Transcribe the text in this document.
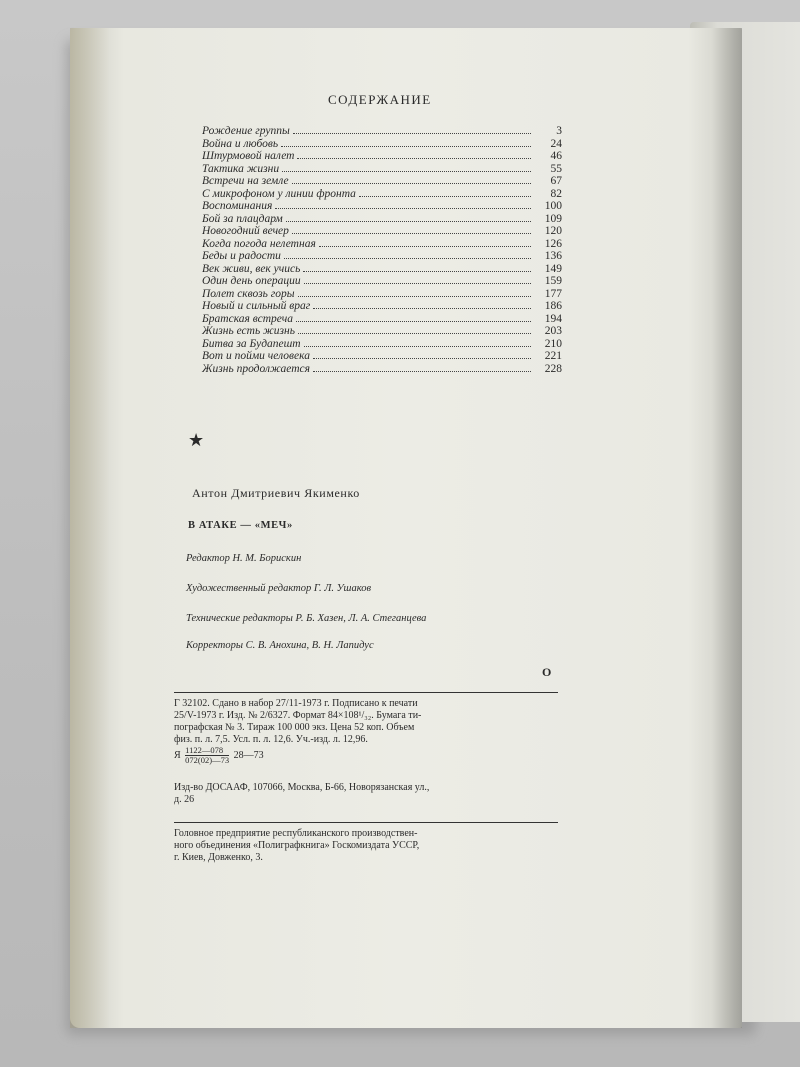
СОДЕРЖАНИЕ
Рождение группы	3
Война и любовь	24
Штурмовой налет	46
Тактика жизни	55
Встречи на земле	67
С микрофоном у линии фронта	82
Воспоминания	100
Бой за плацдарм	109
Новогодний вечер	120
Когда погода нелетная	126
Беды и радости	136
Век живи, век учись	149
Один день операции	159
Полет сквозь горы	177
Новый и сильный враг	186
Братская встреча	194
Жизнь есть жизнь	203
Битва за Будапешт	210
Вот и пойми человека	221
Жизнь продолжается	228
★
Антон Дмитриевич Якименко
В АТАКЕ — «МЕЧ»
Редактор Н. М. Борискин
Художественный редактор Г. Л. Ушаков
Технические редакторы Р. Б. Хазен, Л. А. Стеганцева
Корректоры С. В. Анохина, В. Н. Лапидус
О

Г 32102. Сдано в набор 27/11-1973 г. Подписано к печати

25/V-1973 г. Изд. № 2/6327. Формат 84×108¹/₃₂. Бумага ти-

пографская № 3. Тираж 100 000 экз. Цена 52 коп. Объем

физ. п. л. 7,5. Усл. п. л. 12,6. Уч.-изд. л. 12,96.

Я $\frac{1122—078}{072(02)—73}$ 28—73

Изд-во ДОСААФ, 107066, Москва, Б-66, Новорязанская ул.,

д. 26

Головное предприятие республиканского производствен-

ного объединения «Полиграфкнига» Госкомиздата УССР,

г. Киев, Довженко, 3.
